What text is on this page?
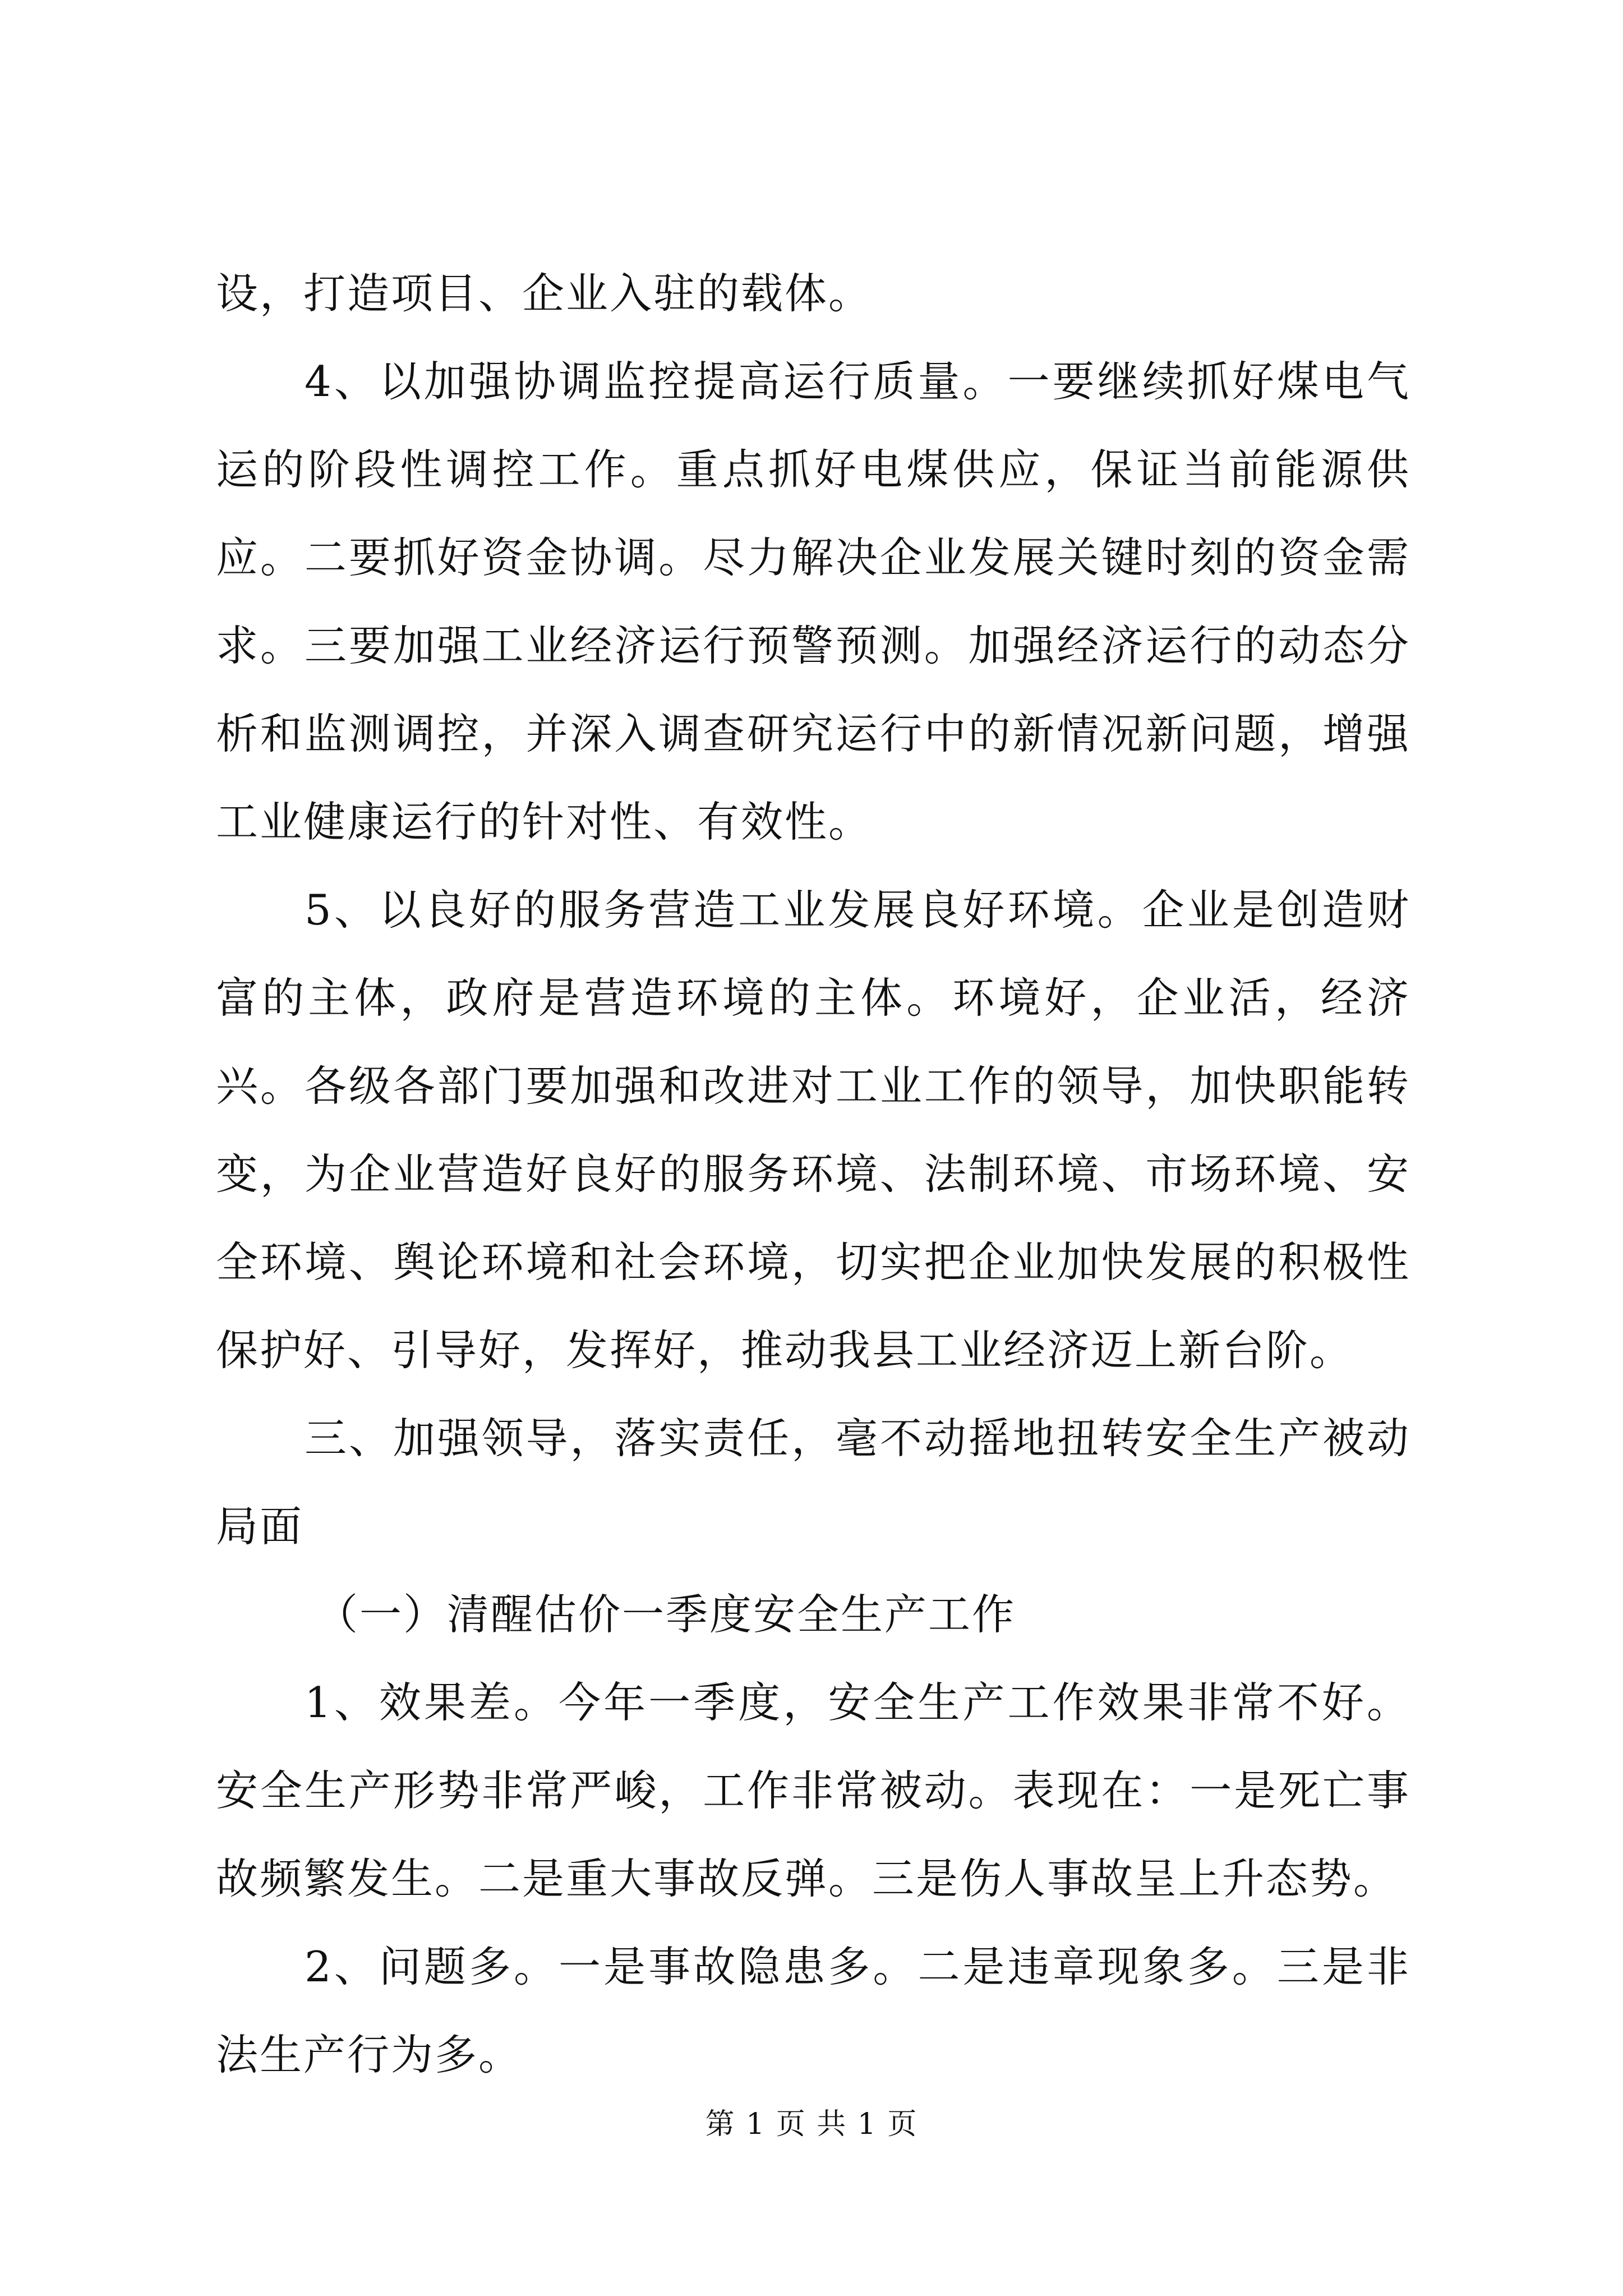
设，打造项目、企业入驻的载体。

4、以加强协调监控提高运行质量。一要继续抓好煤电气运的阶段性调控工作。重点抓好电煤供应，保证当前能源供应。二要抓好资金协调。尽力解决企业发展关键时刻的资金需求。三要加强工业经济运行预警预测。加强经济运行的动态分析和监测调控，并深入调查研究运行中的新情况新问题，增强工业健康运行的针对性、有效性。

5、以良好的服务营造工业发展良好环境。企业是创造财富的主体，政府是营造环境的主体。环境好，企业活，经济兴。各级各部门要加强和改进对工业工作的领导，加快职能转变，为企业营造好良好的服务环境、法制环境、市场环境、安全环境、舆论环境和社会环境，切实把企业加快发展的积极性保护好、引导好，发挥好，推动我县工业经济迈上新台阶。

三、加强领导，落实责任，毫不动摇地扭转安全生产被动局面

（一）清醒估价一季度安全生产工作

1、效果差。今年一季度，安全生产工作效果非常不好。安全生产形势非常严峻，工作非常被动。表现在：一是死亡事故频繁发生。二是重大事故反弹。三是伤人事故呈上升态势。

2、问题多。一是事故隐患多。二是违章现象多。三是非法生产行为多。

第 1 页 共 1 页
